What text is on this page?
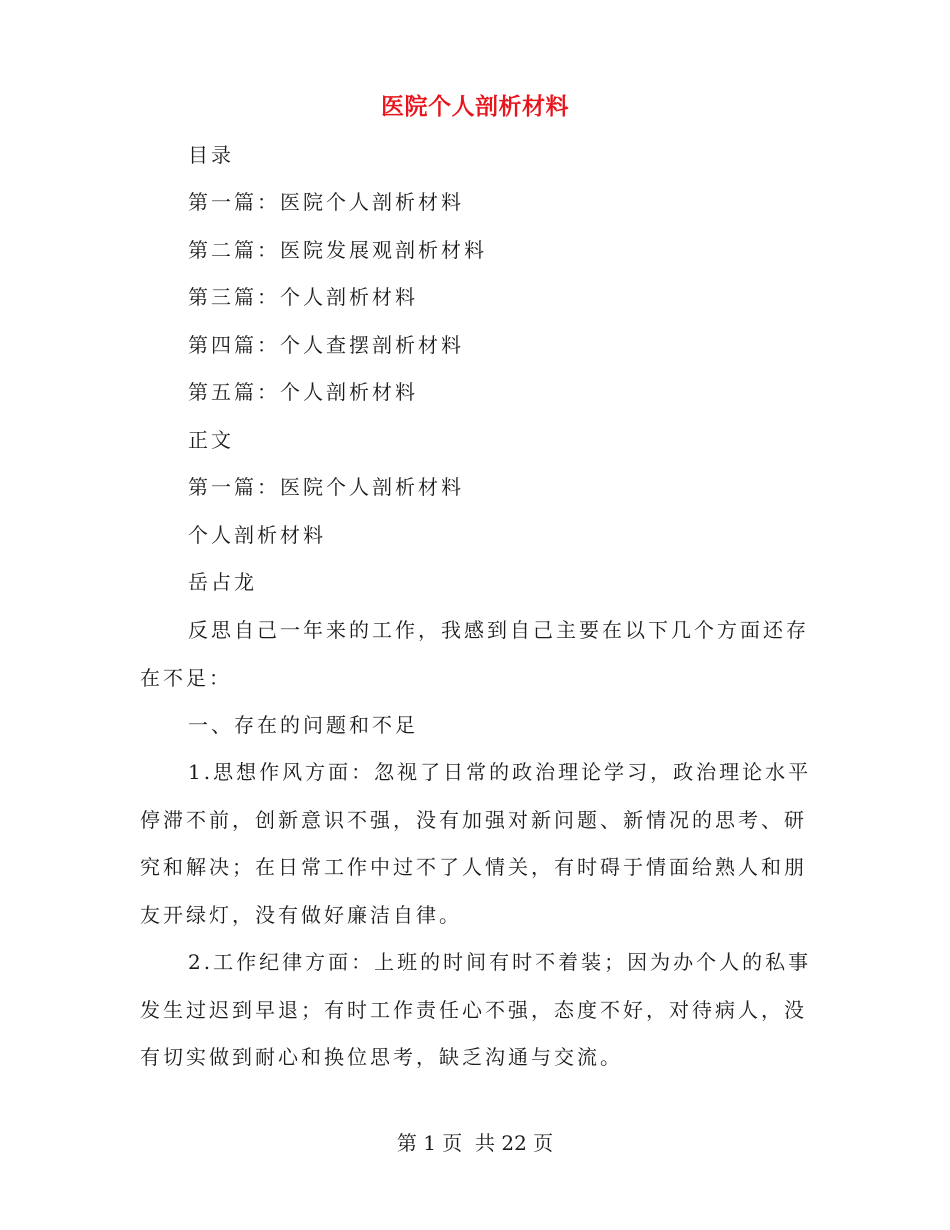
医院个人剖析材料

目录

第一篇：医院个人剖析材料

第二篇：医院发展观剖析材料

第三篇：个人剖析材料

第四篇：个人查摆剖析材料

第五篇：个人剖析材料

正文

第一篇：医院个人剖析材料

个人剖析材料

岳占龙

反思自己一年来的工作，我感到自己主要在以下几个方面还存在不足：

一、存在的问题和不足

1.思想作风方面：忽视了日常的政治理论学习，政治理论水平停滞不前，创新意识不强，没有加强对新问题、新情况的思考、研究和解决；在日常工作中过不了人情关，有时碍于情面给熟人和朋友开绿灯，没有做好廉洁自律。

2.工作纪律方面：上班的时间有时不着装；因为办个人的私事发生过迟到早退；有时工作责任心不强，态度不好，对待病人，没有切实做到耐心和换位思考，缺乏沟通与交流。

第 1 页  共 22 页
